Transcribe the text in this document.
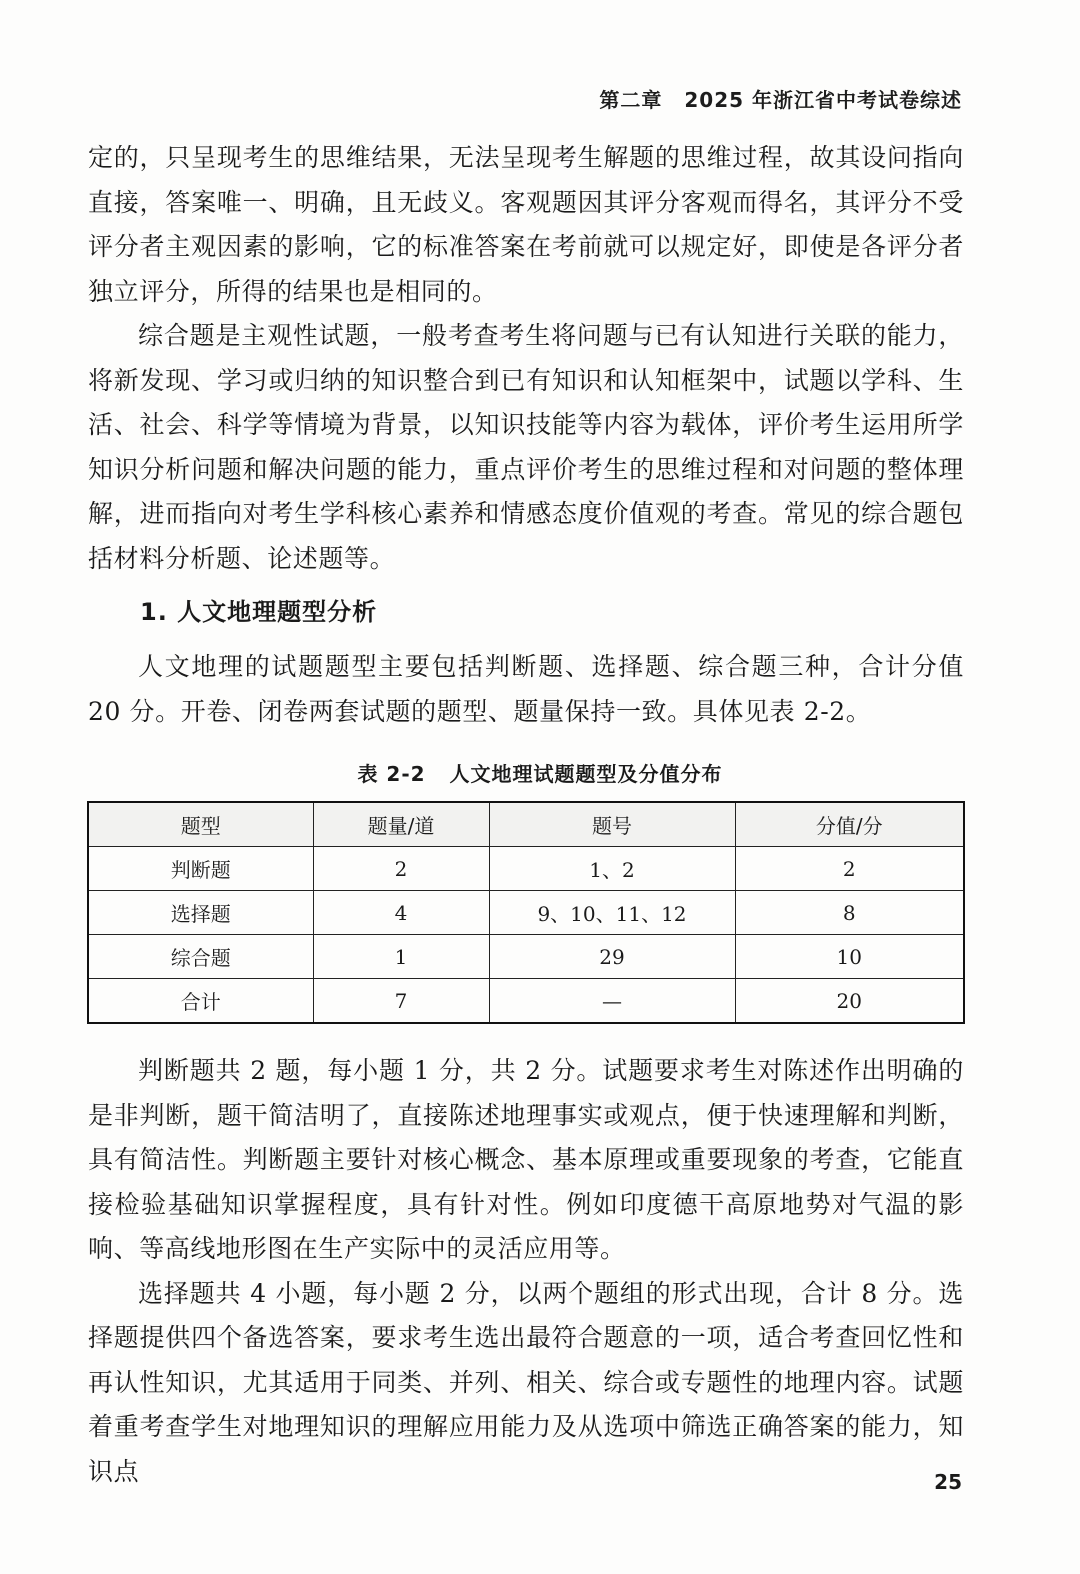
第二章 2025 年浙江省中考试卷综述

定的，只呈现考生的思维结果，无法呈现考生解题的思维过程，故其设问指向直接，答案唯一、明确，且无歧义。客观题因其评分客观而得名，其评分不受评分者主观因素的影响，它的标准答案在考前就可以规定好，即使是各评分者独立评分，所得的结果也是相同的。

综合题是主观性试题，一般考查考生将问题与已有认知进行关联的能力，将新发现、学习或归纳的知识整合到已有知识和认知框架中，试题以学科、生活、社会、科学等情境为背景，以知识技能等内容为载体，评价考生运用所学知识分析问题和解决问题的能力，重点评价考生的思维过程和对问题的整体理解，进而指向对考生学科核心素养和情感态度价值观的考查。常见的综合题包括材料分析题、论述题等。

1. 人文地理题型分析

人文地理的试题题型主要包括判断题、选择题、综合题三种，合计分值 20 分。开卷、闭卷两套试题的题型、题量保持一致。具体见表 2-2。

表 2-2 人文地理试题题型及分值分布
题型	题量/道	题号	分值/分
判断题	2	1、2	2
选择题	4	9、10、11、12	8
综合题	1	29	10
合计	7	—	20

判断题共 2 题，每小题 1 分，共 2 分。试题要求考生对陈述作出明确的是非判断，题干简洁明了，直接陈述地理事实或观点，便于快速理解和判断，具有简洁性。判断题主要针对核心概念、基本原理或重要现象的考查，它能直接检验基础知识掌握程度，具有针对性。例如印度德干高原地势对气温的影响、等高线地形图在生产实际中的灵活应用等。

选择题共 4 小题，每小题 2 分，以两个题组的形式出现，合计 8 分。选择题提供四个备选答案，要求考生选出最符合题意的一项，适合考查回忆性和再认性知识，尤其适用于同类、并列、相关、综合或专题性的地理内容。试题着重考查学生对地理知识的理解应用能力及从选项中筛选正确答案的能力，知识点	25
